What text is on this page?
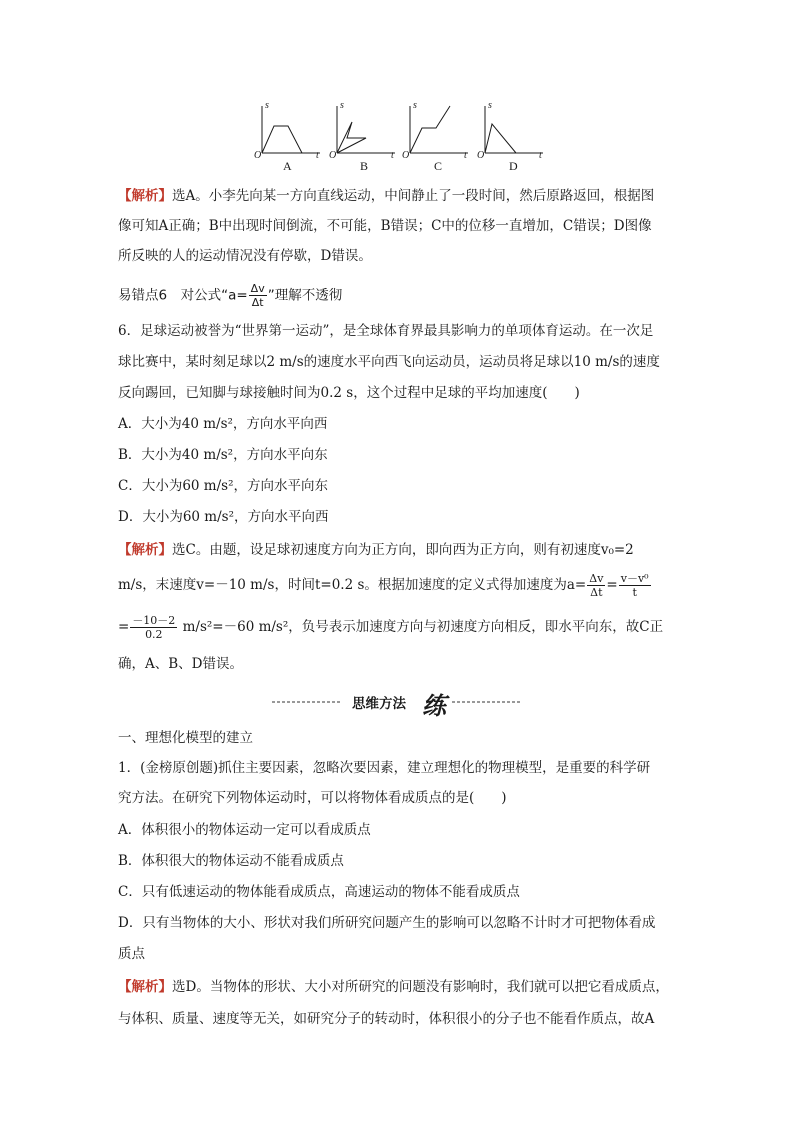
s	s	s	s
t	t	t	t
O	O	O	O
A	B	C	D
【解析】选A。小李先向某一方向直线运动，中间静止了一段时间，然后原路返回，根据图
像可知A正确；B中出现时间倒流，不可能，B错误；C中的位移一直增加，C错误；D图像
所反映的人的运动情况没有停歇，D错误。
易错点6　对公式“$a= \frac{\Delta v}{\Delta t}$ ”理解不透彻
6．足球运动被誉为“世界第一运动”，是全球体育界最具影响力的单项体育运动。在一次足
球比赛中，某时刻足球以2 m/s的速度水平向西飞向运动员，运动员将足球以10 m/s的速度
反向踢回，已知脚与球接触时间为0.2 s，这个过程中足球的平均加速度(　　)
A．大小为40 m/s²，方向水平向西
B．大小为40 m/s²，方向水平向东
C．大小为60 m/s²，方向水平向东
D．大小为60 m/s²，方向水平向西
【解析】选C。由题，设足球初速度方向为正方向，即向西为正方向，则有初速度v₀=2
m/s，末速度v=－10 m/s，时间t=0.2 s。根据加速度的定义式得加速度为$a= \frac{\Delta v}{\Delta t} = \frac{\text{v－v⁰}}{t}$
= $\frac{-10-2}{0.2} m/s^2=-60$ m/s²，负号表示加速度方向与初速度方向相反，即水平向东，故C正
确，A、B、D错误。
思维方法 练
一、理想化模型的建立
1．(金榜原创题)抓住主要因素，忽略次要因素，建立理想化的物理模型，是重要的科学研
究方法。在研究下列物体运动时，可以将物体看成质点的是(　　)
A．体积很小的物体运动一定可以看成质点
B．体积很大的物体运动不能看成质点
C．只有低速运动的物体能看成质点，高速运动的物体不能看成质点
D．只有当物体的大小、形状对我们所研究问题产生的影响可以忽略不计时才可把物体看成
质点
【解析】选D。当物体的形状、大小对所研究的问题没有影响时，我们就可以把它看成质点，
与体积、质量、速度等无关，如研究分子的转动时，体积很小的分子也不能看作质点，故A
